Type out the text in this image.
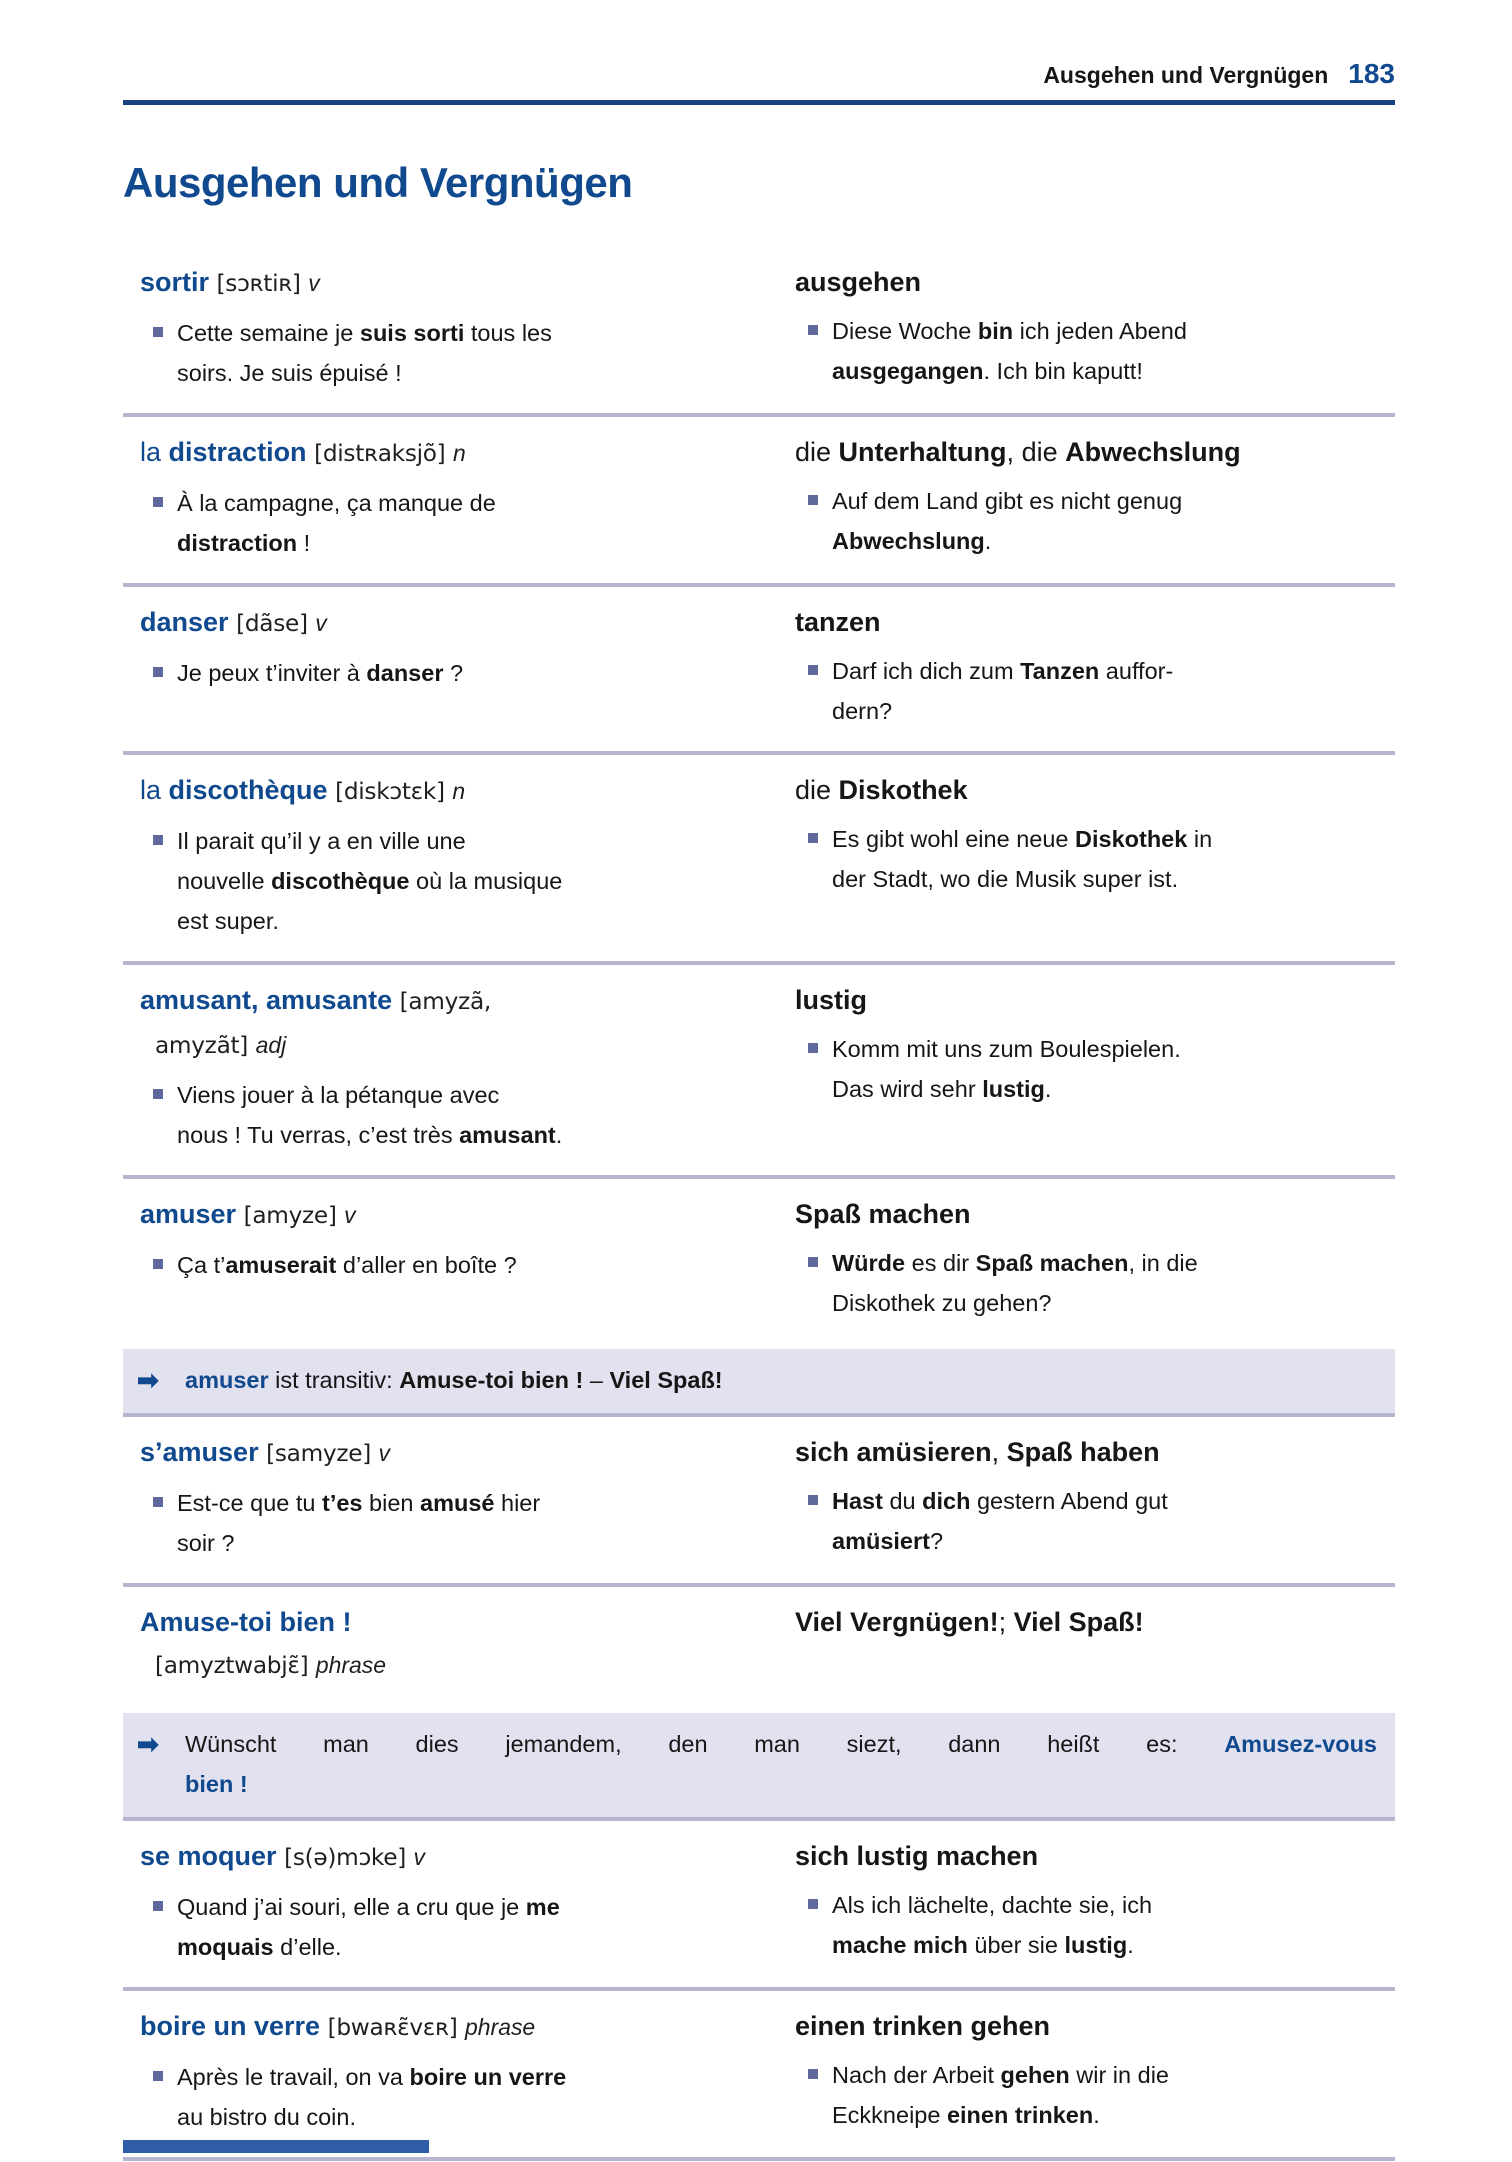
Ausgehen und Vergnügen 183
Ausgehen und Vergnügen
sortir [sɔʀtiʀ] v
Cette semaine je suis sorti tous les
soirs. Je suis épuisé !
ausgehen
Diese Woche bin ich jeden Abend
ausgegangen. Ich bin kaputt!
la distraction [distʀaksjõ] n
À la campagne, ça manque de
distraction !
die Unterhaltung, die Abwechslung
Auf dem Land gibt es nicht genug
Abwechslung.
danser [dãse] v
Je peux t’inviter à danser ?
tanzen
Darf ich dich zum Tanzen auffor-
dern?
la discothèque [diskɔtɛk] n
Il parait qu’il y a en ville une
nouvelle discothèque où la musique
est super.
die Diskothek
Es gibt wohl eine neue Diskothek in
der Stadt, wo die Musik super ist.
amusant, amusante [amyzã,
amyzãt] adj
Viens jouer à la pétanque avec
nous ! Tu verras, c’est très amusant.
lustig
Komm mit uns zum Boulespielen.
Das wird sehr lustig.
amuser [amyze] v
Ça t’amuserait d’aller en boîte ?
Spaß machen
Würde es dir Spaß machen, in die
Diskothek zu gehen?
➡	amuser ist transitiv: Amuse-toi bien ! – Viel Spaß!
s’amuser [samyze] v
Est-ce que tu t’es bien amusé hier
soir ?
sich amüsieren, Spaß haben
Hast du dich gestern Abend gut
amüsiert?
Amuse-toi bien !
[amyztwabjɛ̃] phrase
Viel Vergnügen!; Viel Spaß!
➡	Wünscht man dies jemandem, den man siezt, dann heißt es: Amusez-vous
bien !
se moquer [s(ə)mɔke] v
Quand j’ai souri, elle a cru que je me
moquais d’elle.
sich lustig machen
Als ich lächelte, dachte sie, ich
mache mich über sie lustig.
boire un verre [bwaʀɛ̃vɛʀ] phrase
Après le travail, on va boire un verre
au bistro du coin.
einen trinken gehen
Nach der Arbeit gehen wir in die
Eckkneipe einen trinken.
